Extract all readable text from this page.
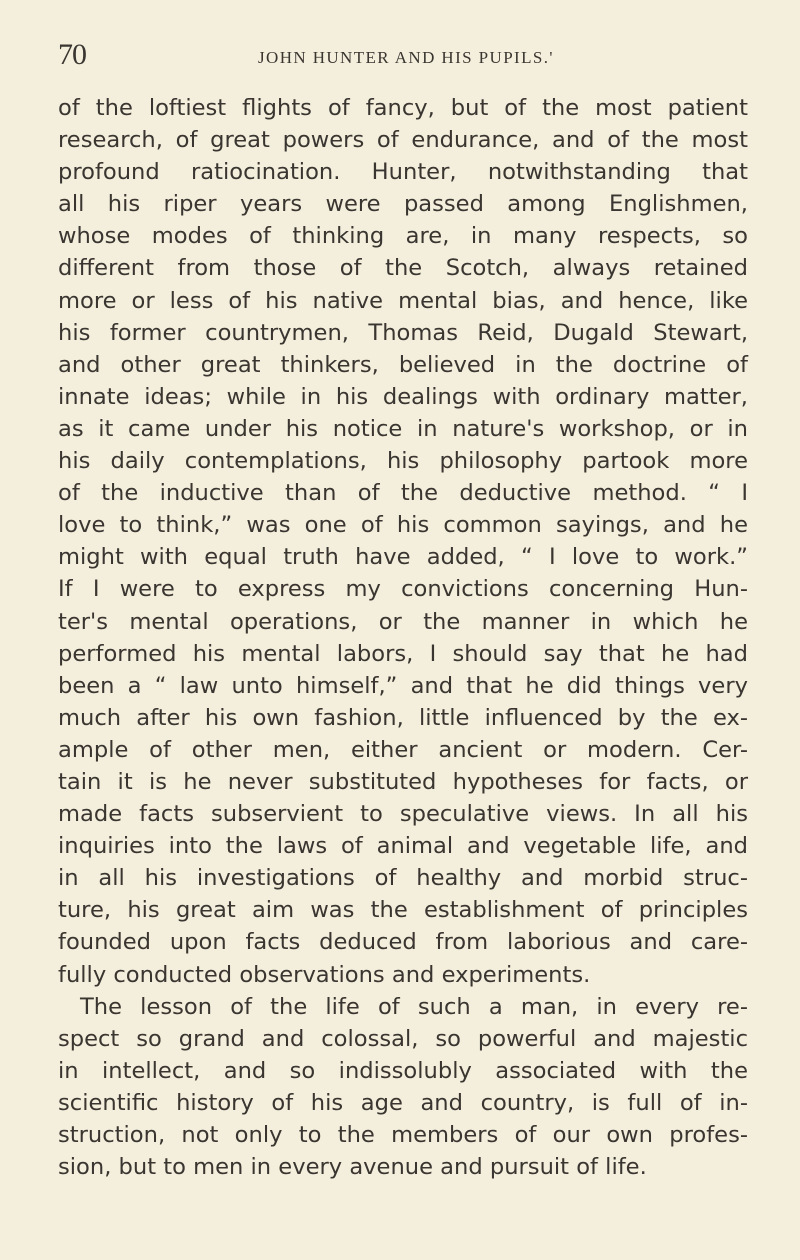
70	JOHN HUNTER AND HIS PUPILS.'
of the loftiest flights of fancy, but of the most patient
research, of great powers of endurance, and of the most
profound ratiocination. Hunter, notwithstanding that
all his riper years were passed among Englishmen,
whose modes of thinking are, in many respects, so
different from those of the Scotch, always retained
more or less of his native mental bias, and hence, like
his former countrymen, Thomas Reid, Dugald Stewart,
and other great thinkers, believed in the doctrine of
innate ideas; while in his dealings with ordinary matter,
as it came under his notice in nature's workshop, or in
his daily contemplations, his philosophy partook more
of the inductive than of the deductive method. “ I
love to think,” was one of his common sayings, and he
might with equal truth have added, “ I love to work.”
If I were to express my convictions concerning Hun-
ter's mental operations, or the manner in which he
performed his mental labors, I should say that he had
been a “ law unto himself,” and that he did things very
much after his own fashion, little influenced by the ex-
ample of other men, either ancient or modern. Cer-
tain it is he never substituted hypotheses for facts, or
made facts subservient to speculative views. In all his
inquiries into the laws of animal and vegetable life, and
in all his investigations of healthy and morbid struc-
ture, his great aim was the establishment of principles
founded upon facts deduced from laborious and care-
fully conducted observations and experiments.
The lesson of the life of such a man, in every re-
spect so grand and colossal, so powerful and majestic
in intellect, and so indissolubly associated with the
scientific history of his age and country, is full of in-
struction, not only to the members of our own profes-
sion, but to men in every avenue and pursuit of life.
